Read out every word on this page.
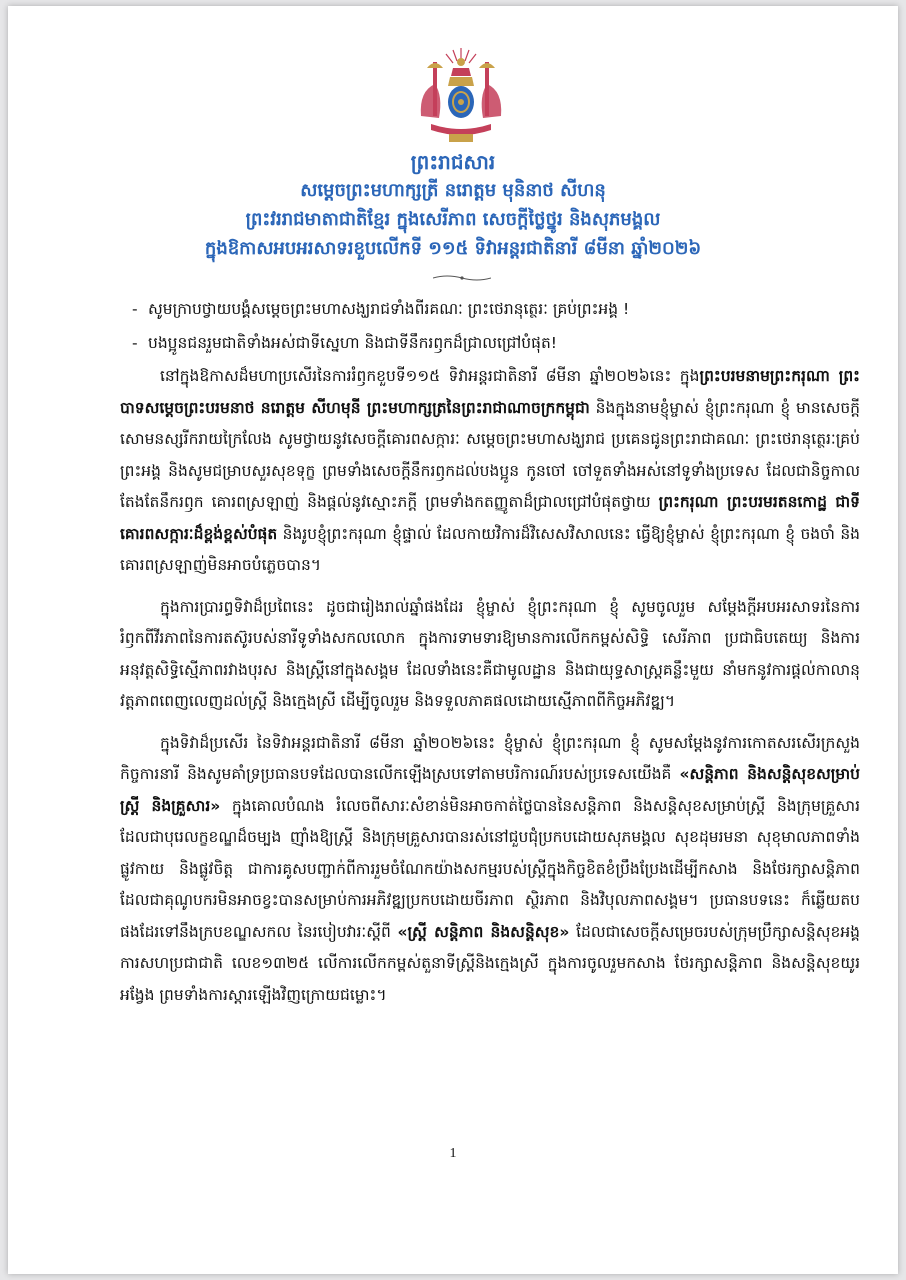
ព្រះរាជសារ
សម្តេចព្រះមហាក្សត្រី នរោត្តម មុនិនាថ សីហនុ
ព្រះវររាជមាតាជាតិខ្មែរ ក្នុងសេរីភាព សេចក្ដីថ្លៃថ្នូរ និងសុភមង្គល
ក្នុងឱកាសអបអរសាទរខួបលើកទី ១១៥ ទិវាអន្តរជាតិនារី ៨មីនា ឆ្នាំ២០២៦
- សូមក្រាបថ្វាយបង្គំសម្តេចព្រះមហាសង្ឃរាជទាំងពីរគណៈ ព្រះថេរានុត្ថេរៈ គ្រប់ព្រះអង្គ !
- បងប្អូនជនរួមជាតិទាំងអស់ជាទីស្នេហា និងជាទីនឹករឭកដ៏ជ្រាលជ្រៅបំផុត!

នៅក្នុងឱកាសដ៏មហាប្រសើរនៃការរំឭកខួបទី១១៥ ទិវាអន្តរជាតិនារី ៨មីនា ឆ្នាំ២០២៦នេះ ក្នុងព្រះបរមនាមព្រះករុណា ព្រះបាទសម្តេចព្រះបរមនាថ នរោត្តម សីហមុនី ព្រះមហាក្សត្រនៃព្រះរាជាណាចក្រកម្ពុជា និងក្នុងនាមខ្ញុំម្ចាស់ ខ្ញុំព្រះករុណា ខ្ញុំ មានសេចក្ដីសោមនស្សរីករាយក្រៃលែង សូមថ្វាយនូវសេចក្ដីគោរពសក្ការៈ សម្តេចព្រះមហាសង្ឃរាជ ប្រគេនជូនព្រះរាជាគណៈ ព្រះថេរានុត្ថេរៈគ្រប់ព្រះអង្គ និងសូមជម្រាបសួរសុខទុក្ខ ព្រមទាំងសេចក្ដីនឹករឭកដល់បងប្អូន កូនចៅ ចៅទួតទាំងអស់នៅទូទាំងប្រទេស ដែលជានិច្ចកាលតែងតែនឹករឭក គោរពស្រឡាញ់ និងផ្ដល់នូវស្មោះភក្ដី ព្រមទាំងកតញ្ញូតាដ៏ជ្រាលជ្រៅបំផុតថ្វាយ ព្រះករុណា ព្រះបរមរតនកោដ្ឋ ជាទីគោរពសក្ការៈដ៏ខ្ពង់ខ្ពស់បំផុត និងរូបខ្ញុំព្រះករុណា ខ្ញុំផ្ទាល់ ដែលកាយវិការដ៏វិសេសវិសាលនេះ ធ្វើឱ្យខ្ញុំម្ចាស់ ខ្ញុំព្រះករុណា ខ្ញុំ ចងចាំ និងគោរពស្រឡាញ់មិនអាចបំភ្លេចបាន។

ក្នុងការប្រារព្ធទិវាដ៏ប្រពៃនេះ ដូចជារៀងរាល់ឆ្នាំផងដែរ ខ្ញុំម្ចាស់ ខ្ញុំព្រះករុណា ខ្ញុំ សូមចូលរួម សម្តែងក្ដីអបអរសាទរនៃការរំឭកពីវីរភាពនៃការតស៊ូរបស់នារីទូទាំងសកលលោក ក្នុងការទាមទារឱ្យមានការលើកកម្ពស់សិទ្ធិ សេរីភាព ប្រជាធិបតេយ្យ និងការអនុវត្តសិទ្ធិស្មើភាពរវាងបុរស និងស្ត្រីនៅក្នុងសង្គម ដែលទាំងនេះគឺជាមូលដ្ឋាន និងជាយុទ្ធសាស្ត្រគន្លឹះមួយ នាំមកនូវការផ្ដល់កាលានុវត្តភាពពេញលេញដល់ស្ត្រី និងក្មេងស្រី ដើម្បីចូលរួម និងទទួលភាគផលដោយស្មើភាពពីកិច្ចអភិវឌ្ឍ។

ក្នុងទិវាដ៏ប្រសើរ នៃទិវាអន្តរជាតិនារី ៨មីនា ឆ្នាំ២០២៦នេះ ខ្ញុំម្ចាស់ ខ្ញុំព្រះករុណា ខ្ញុំ សូមសម្តែងនូវការកោតសរសើរក្រសួងកិច្ចការនារី និងសូមគាំទ្រប្រធានបទដែលបានលើកឡើងស្របទៅតាមបរិការណ៍របស់ប្រទេសយើងគឺ «សន្តិភាព និងសន្តិសុខសម្រាប់ស្ត្រី និងគ្រួសារ» ក្នុងគោលបំណង រំលេចពីសារៈសំខាន់មិនអាចកាត់ថ្លៃបាននៃសន្តិភាព និងសន្តិសុខសម្រាប់ស្ត្រី និងក្រុមគ្រួសារ ដែលជាបុរេលក្ខខណ្ឌដ៏ចម្បង ញ៉ាំងឱ្យស្ត្រី និងក្រុមគ្រួសារបានរស់នៅជួបជុំប្រកបដោយសុភមង្គល សុខដុមរមនា សុខុមាលភាពទាំងផ្លូវកាយ និងផ្លូវចិត្ត ជាការគូសបញ្ជាក់ពីការរួមចំណែកយ៉ាងសកម្មរបស់ស្ត្រីក្នុងកិច្ចខិតខំប្រឹងប្រែងដើម្បីកសាង និងថែរក្សាសន្តិភាព ដែលជាគុណូបករមិនអាចខ្វះបានសម្រាប់ការអភិវឌ្ឍប្រកបដោយចីរភាព ស្ថិរភាព និងវិបុលភាពសង្គម។ ប្រធានបទនេះ ក៏ឆ្លើយតបផងដែរទៅនឹងក្របខណ្ឌសកល នៃរបៀបវារៈស្តីពី «ស្ត្រី សន្តិភាព និងសន្តិសុខ» ដែលជាសេចក្ដីសម្រេចរបស់ក្រុមប្រឹក្សាសន្តិសុខអង្គការសហប្រជាជាតិ លេខ១៣២៥ លើការលើកកម្ពស់តួនាទីស្ត្រីនិងក្មេងស្រី ក្នុងការចូលរួមកសាង ថែរក្សាសន្តិភាព និងសន្តិសុខយូរអង្វែង ព្រមទាំងការស្តារឡើងវិញក្រោយជម្លោះ។

1
